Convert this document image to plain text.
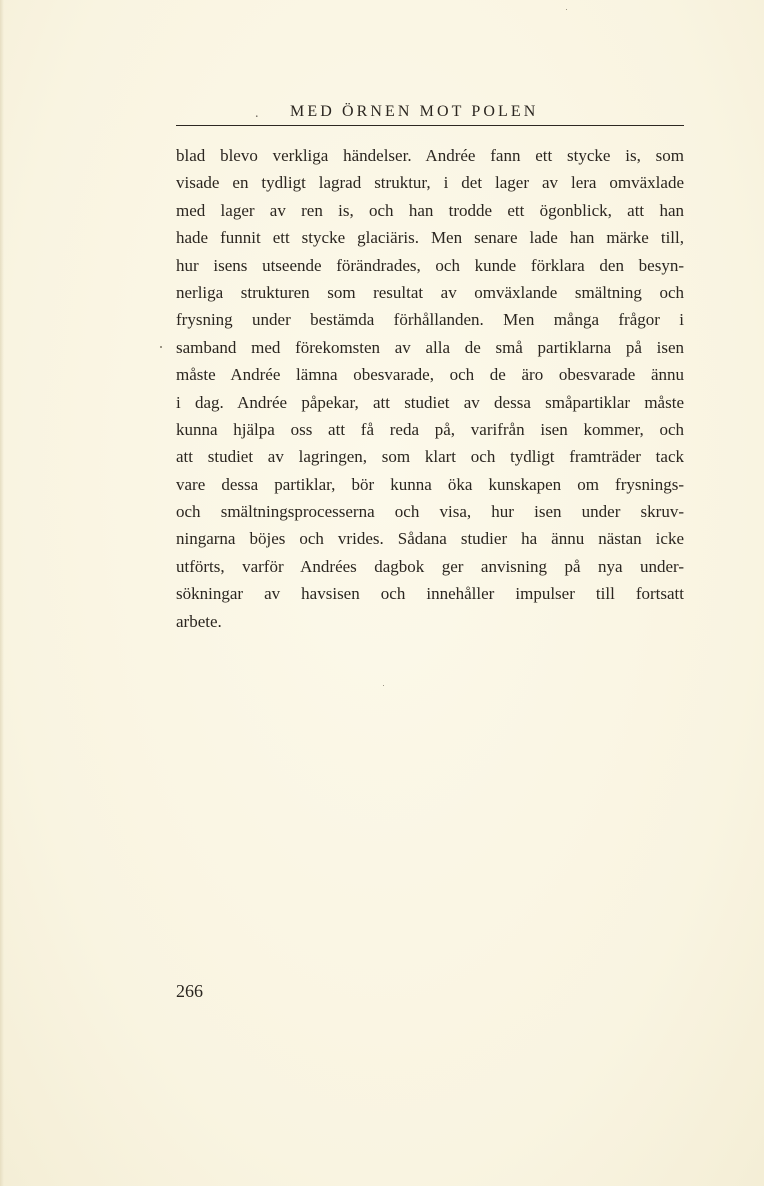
. MED ÖRNEN MOT POLEN
blad blevo verkliga händelser. Andrée fann ett stycke is, som
visade en tydligt lagrad struktur, i det lager av lera omväxlade
med lager av ren is, och han trodde ett ögonblick, att han
hade funnit ett stycke glaciäris. Men senare lade han märke till,
hur isens utseende förändrades, och kunde förklara den besyn-
nerliga strukturen som resultat av omväxlande smältning och
frysning under bestämda förhållanden. Men många frågor i
samband med förekomsten av alla de små partiklarna på isen
måste Andrée lämna obesvarade, och de äro obesvarade ännu
i dag. Andrée påpekar, att studiet av dessa småpartiklar måste
kunna hjälpa oss att få reda på, varifrån isen kommer, och
att studiet av lagringen, som klart och tydligt framträder tack
vare dessa partiklar, bör kunna öka kunskapen om frysnings-
och smältningsprocesserna och visa, hur isen under skruv-
ningarna böjes och vrides. Sådana studier ha ännu nästan icke
utförts, varför Andrées dagbok ger anvisning på nya under-
sökningar av havsisen och innehåller impulser till fortsatt
arbete.
266
